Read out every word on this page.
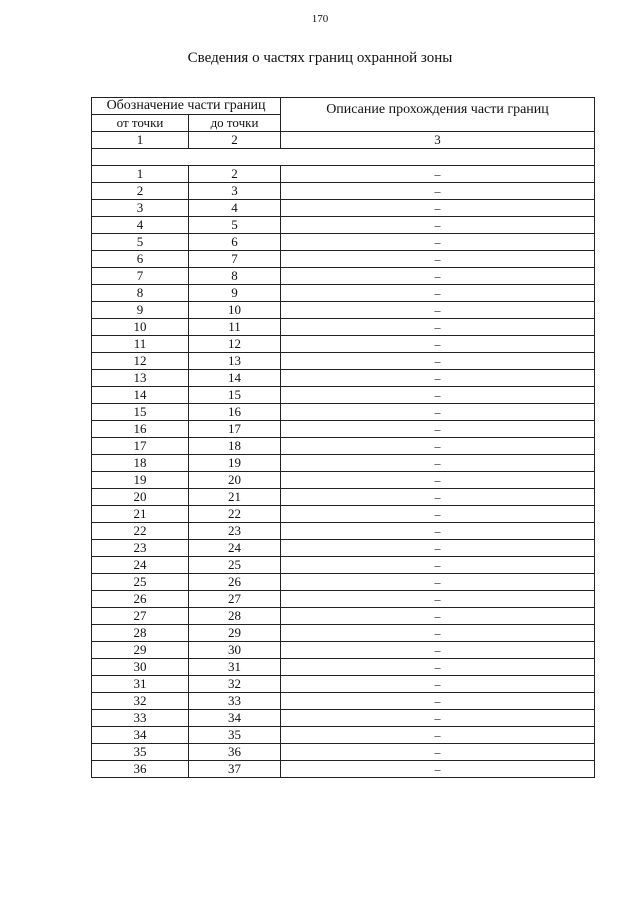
170
Сведения о частях границ охранной зоны
Обозначение части границ		Описание прохождения части границ
от точки	до точки	
1	2	3

1	2	–
2	3	–
3	4	–
4	5	–
5	6	–
6	7	–
7	8	–
8	9	–
9	10	–
10	11	–
11	12	–
12	13	–
13	14	–
14	15	–
15	16	–
16	17	–
17	18	–
18	19	–
19	20	–
20	21	–
21	22	–
22	23	–
23	24	–
24	25	–
25	26	–
26	27	–
27	28	–
28	29	–
29	30	–
30	31	–
31	32	–
32	33	–
33	34	–
34	35	–
35	36	–
36	37	–
